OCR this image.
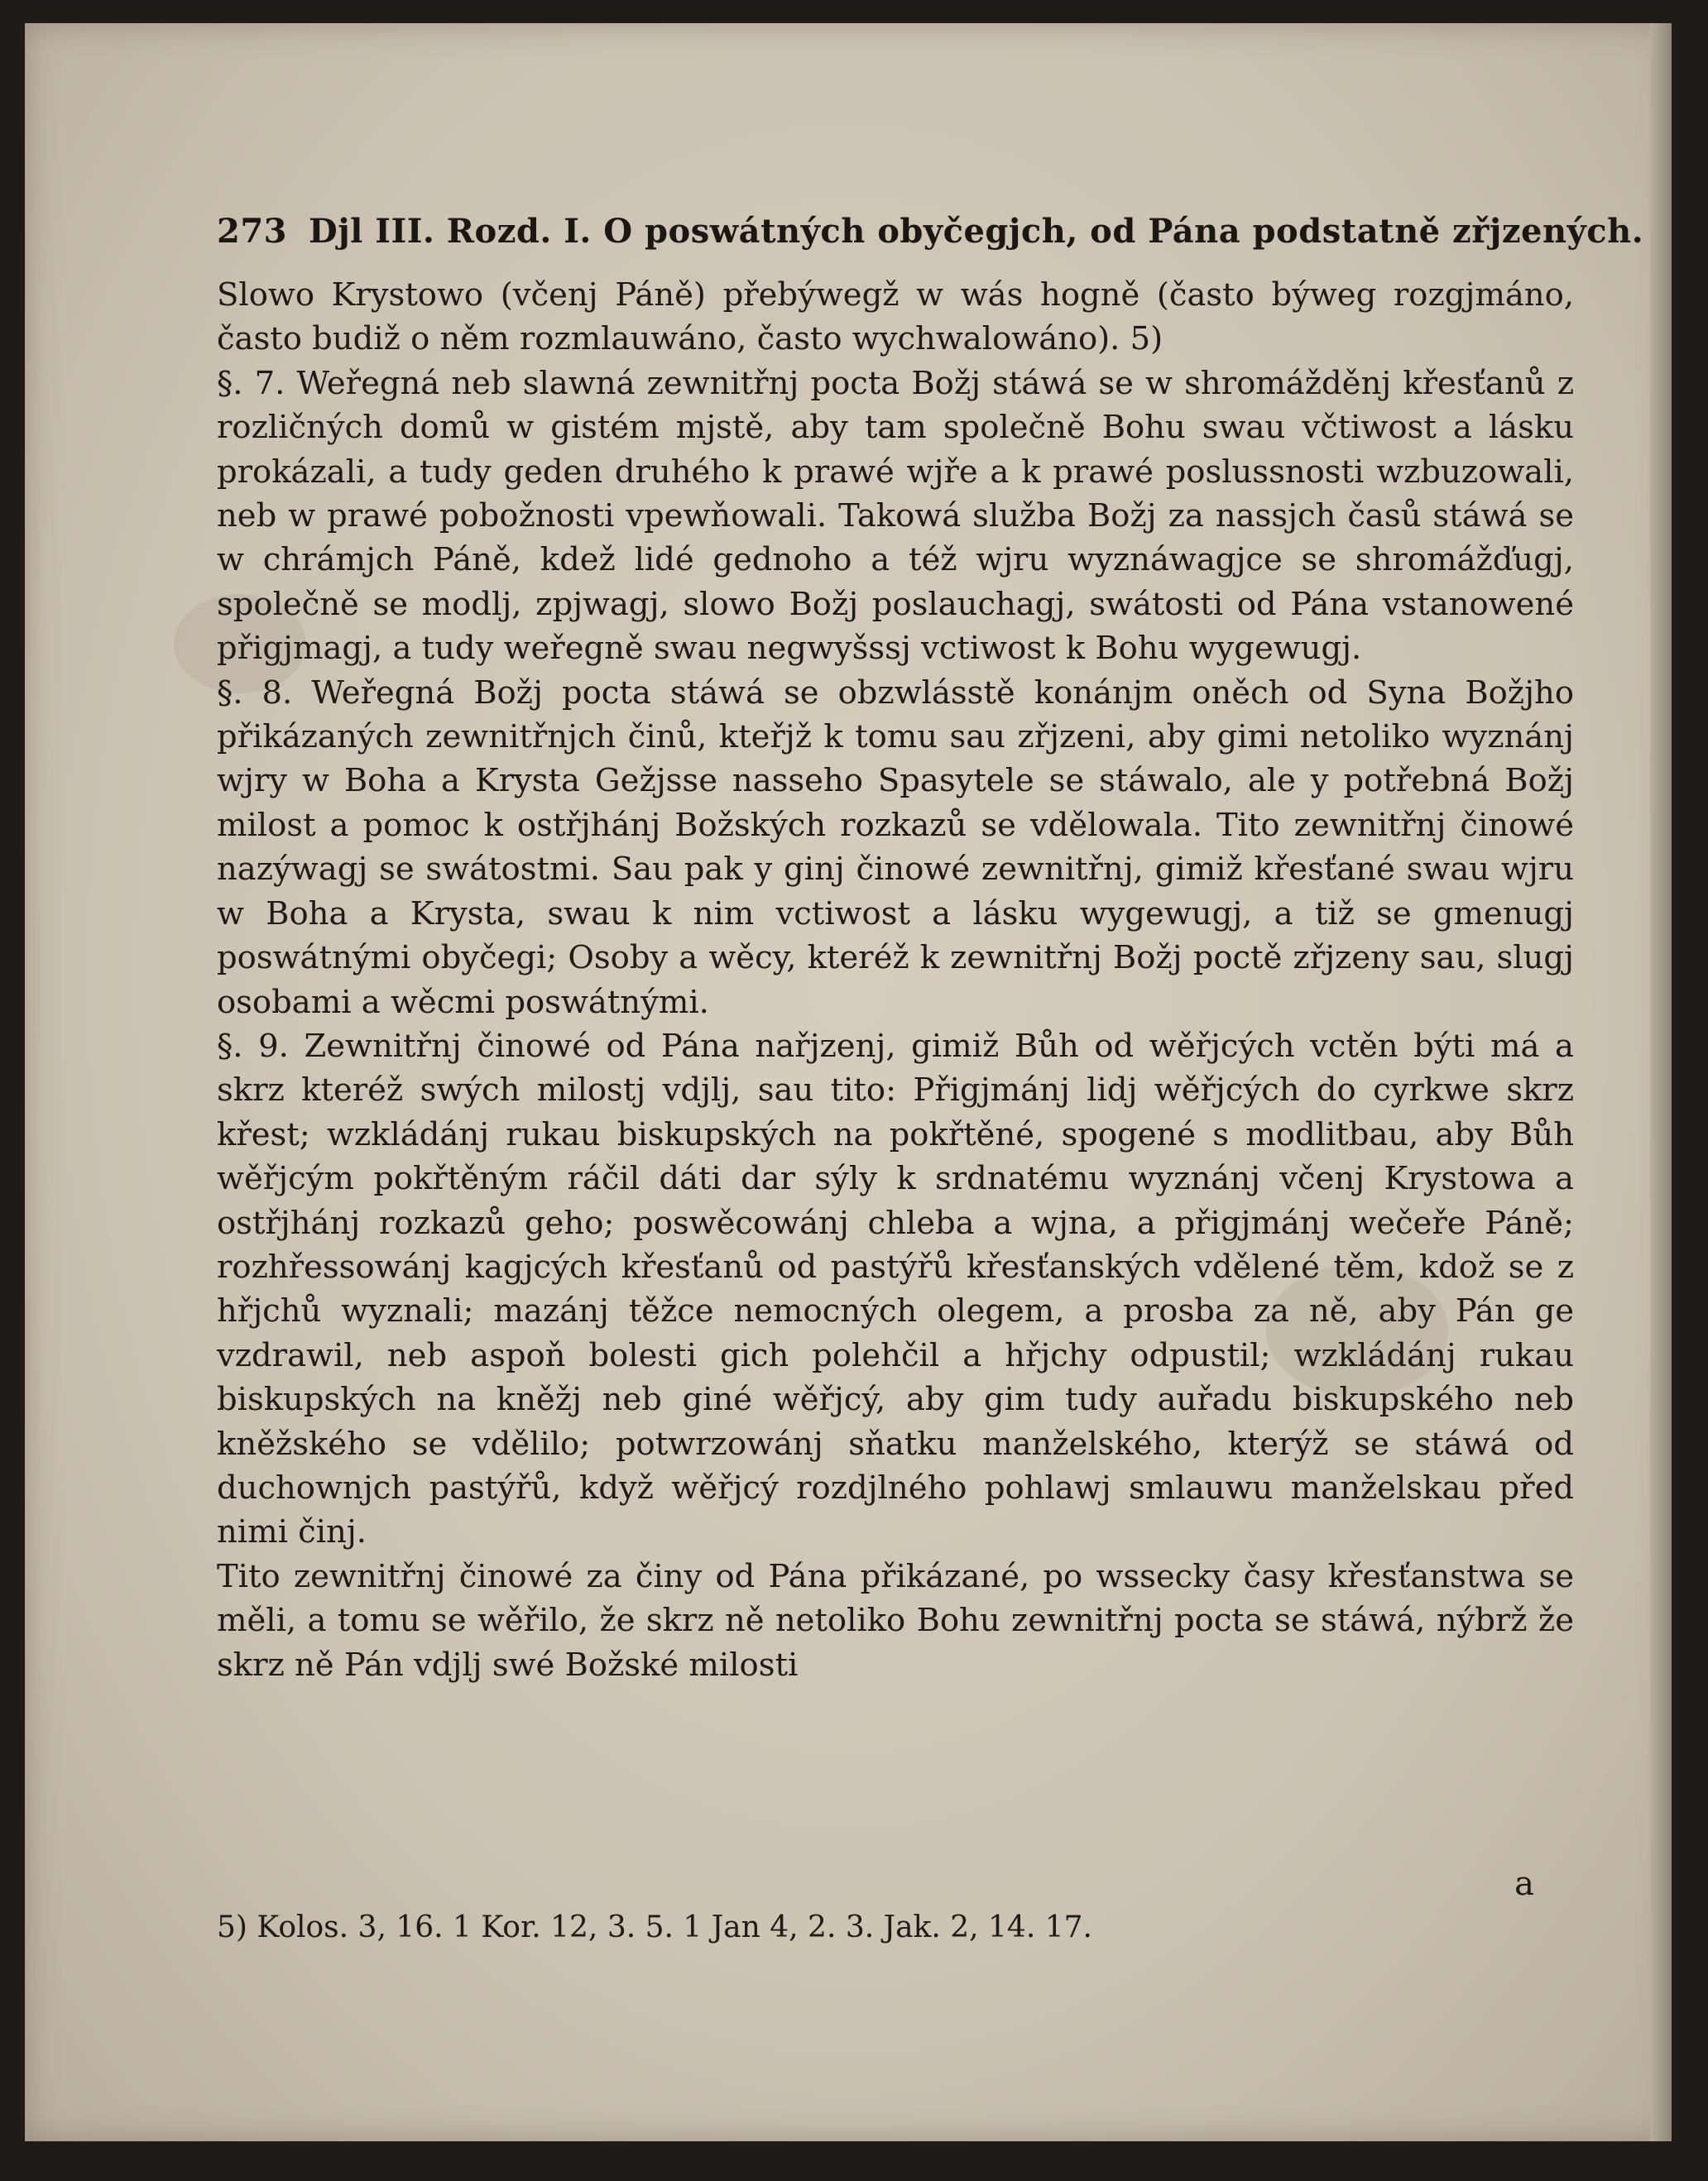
273 Djl III. Rozd. I. O poswátných obyčegjch, od Pána podstatně zřjzených.

Slowo Krystowo (včenj Páně) přebýwegž w wás hogně (často býweg rozgjmáno, často budiž o něm rozmlauwáno, často wychwalowáno). 5)

§. 7. Weřegná neb slawná zewnitřnj pocta Božj stáwá se w shromážděnj křesťanů z rozličných domů w gistém mjstě, aby tam společně Bohu swau včtiwost a lásku prokázali, a tudy geden druhého k prawé wjře a k prawé poslussnosti wzbuzowali, neb w prawé pobožnosti vpewňowali. Takowá služba Božj za nassjch časů stáwá se w chrámjch Páně, kdež lidé gednoho a též wjru wyznáwagjce se shromážďugj, společně se modlj, zpjwagj, slowo Božj poslauchagj, swátosti od Pána vstanowené přigjmagj, a tudy weřegně swau negwyšssj vctiwost k Bohu wygewugj.

§. 8. Weřegná Božj pocta stáwá se obzwlásstě konánjm oněch od Syna Božjho přikázaných zewnitřnjch činů, kteřjž k tomu sau zřjzeni, aby gimi netoliko wyznánj wjry w Boha a Krysta Gežjsse nasseho Spasytele se stáwalo, ale y potřebná Božj milost a pomoc k ostřjhánj Božských rozkazů se vdělowala. Tito zewnitřnj činowé nazýwagj se swátostmi. Sau pak y ginj činowé zewnitřnj, gimiž křesťané swau wjru w Boha a Krysta, swau k nim vctiwost a lásku wygewugj, a tiž se gmenugj poswátnými obyčegi; Osoby a wěcy, kteréž k zewnitřnj Božj poctě zřjzeny sau, slugj osobami a wěcmi poswátnými.

§. 9. Zewnitřnj činowé od Pána nařjzenj, gimiž Bůh od wěřjcých vctěn býti má a skrz kteréž swých milostj vdjlj, sau tito: Přigjmánj lidj wěřjcých do cyrkwe skrz křest; wzkládánj rukau biskupských na pokřtěné, spogené s modlitbau, aby Bůh wěřjcým pokřtěným ráčil dáti dar sýly k srdnatému wyznánj včenj Krystowa a ostřjhánj rozkazů geho; poswěcowánj chleba a wjna, a přigjmánj wečeře Páně; rozhřessowánj kagjcých křesťanů od pastýřů křesťanských vdělené těm, kdož se z hřjchů wyznali; mazánj těžce nemocných olegem, a prosba za ně, aby Pán ge vzdrawil, neb aspoň bolesti gich polehčil a hřjchy odpustil; wzkládánj rukau biskupských na kněžj neb giné wěřjcý, aby gim tudy auřadu biskupského neb kněžského se vdělilo; potwrzowánj sňatku manželského, kterýž se stáwá od duchownjch pastýřů, když wěřjcý rozdjlného pohlawj smlauwu manželskau před nimi činj.

Tito zewnitřnj činowé za činy od Pána přikázané, po wssecky časy křesťanstwa se měli, a tomu se wěřilo, že skrz ně netoliko Bohu zewnitřnj pocta se stáwá, nýbrž že skrz ně Pán vdjlj swé Božské milosti

a
5) Kolos. 3, 16. 1 Kor. 12, 3. 5. 1 Jan 4, 2. 3. Jak. 2, 14. 17.
